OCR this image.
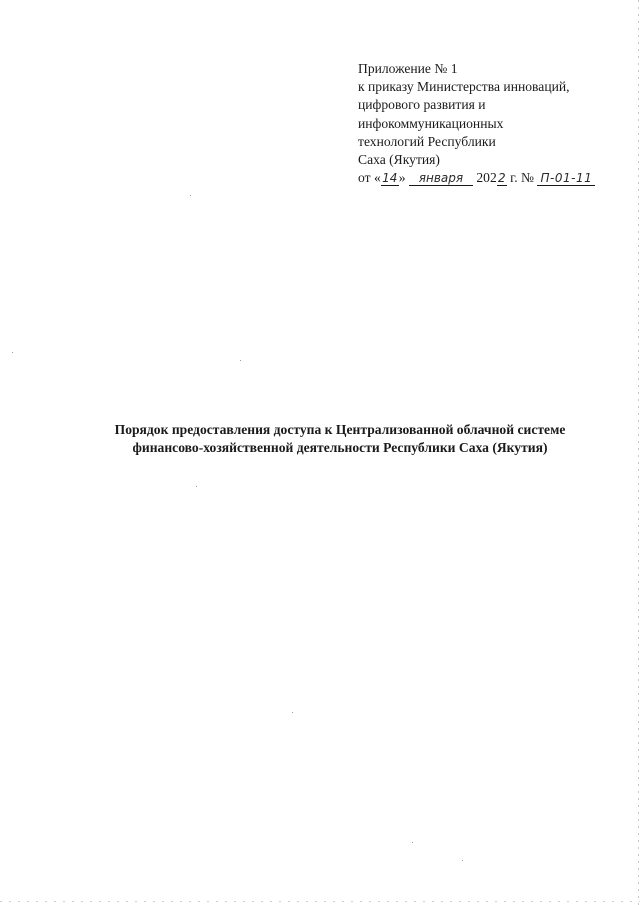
Приложение № 1
к приказу Министерства инноваций,
цифрового развития и
инфокоммуникационных
технологий Республики
Саха (Якутия)
от «14» января 2022 г. № П-01-11
Порядок предоставления доступа к Централизованной облачной системе
финансово-хозяйственной деятельности Республики Саха (Якутия)
